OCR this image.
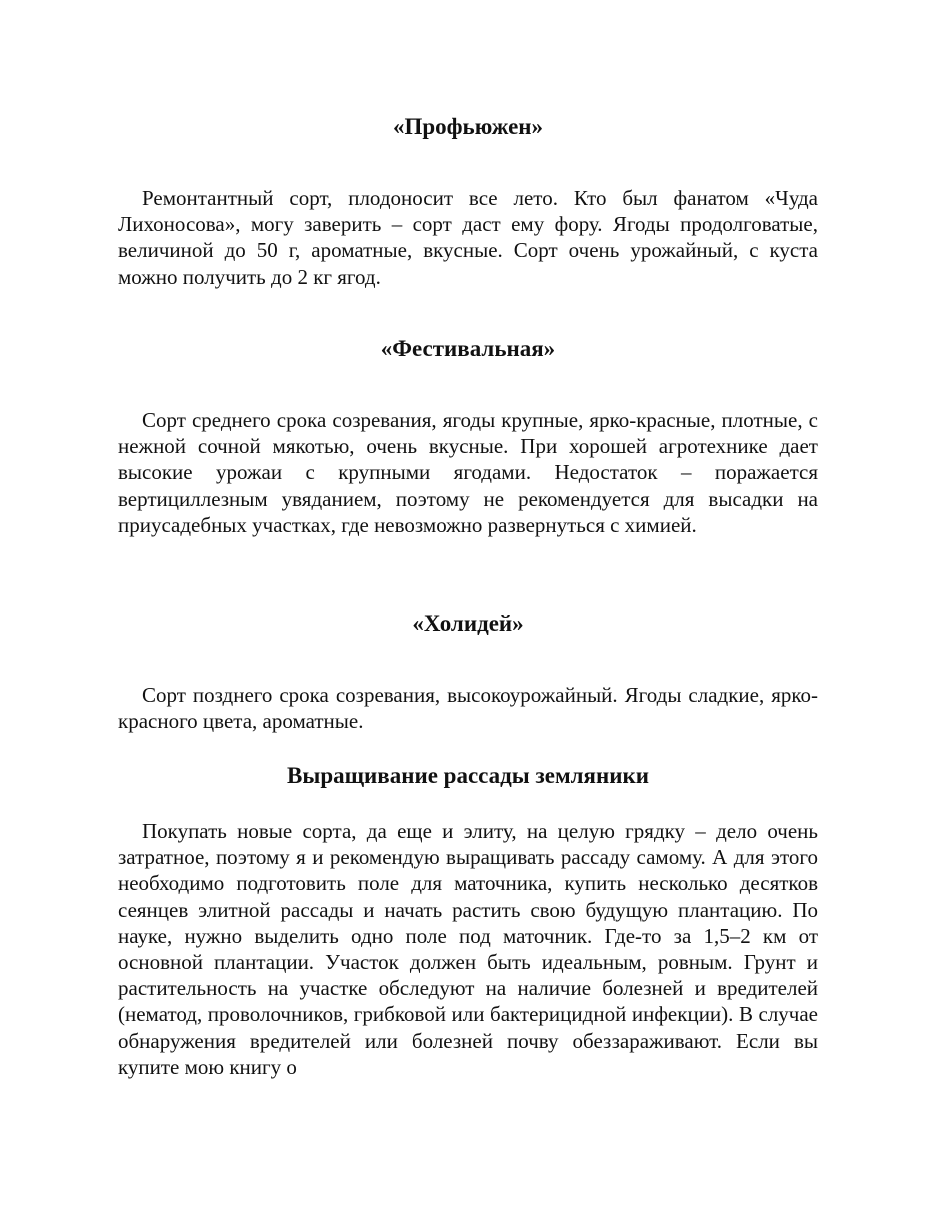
«Профьюжен»

Ремонтантный сорт, плодоносит все лето. Кто был фанатом «Чуда Лихоносова», могу заверить – сорт даст ему фору. Ягоды продолговатые, величиной до 50 г, ароматные, вкусные. Сорт очень урожайный, с куста можно получить до 2 кг ягод.

«Фестивальная»

Сорт среднего срока созревания, ягоды крупные, ярко-красные, плотные, с нежной сочной мякотью, очень вкусные. При хорошей агротехнике дает высокие урожаи с крупными ягодами. Недостаток – поражается вертициллезным увяданием, поэтому не рекомендуется для высадки на приусадебных участках, где невозможно развернуться с химией.

«Холидей»

Сорт позднего срока созревания, высокоурожайный. Ягоды сладкие, ярко-красного цвета, ароматные.

Выращивание рассады земляники

Покупать новые сорта, да еще и элиту, на целую грядку – дело очень затратное, поэтому я и рекомендую выращивать рассаду самому. А для этого необходимо подготовить поле для маточника, купить несколько десятков сеянцев элитной рассады и начать растить свою будущую плантацию. По науке, нужно выделить одно поле под маточник. Где-то за 1,5–2 км от основной плантации. Участок должен быть идеальным, ровным. Грунт и растительность на участке обследуют на наличие болезней и вредителей (нематод, проволочников, грибковой или бактерицидной инфекции). В случае обнаружения вредителей или болезней почву обеззараживают. Если вы купите мою книгу о
